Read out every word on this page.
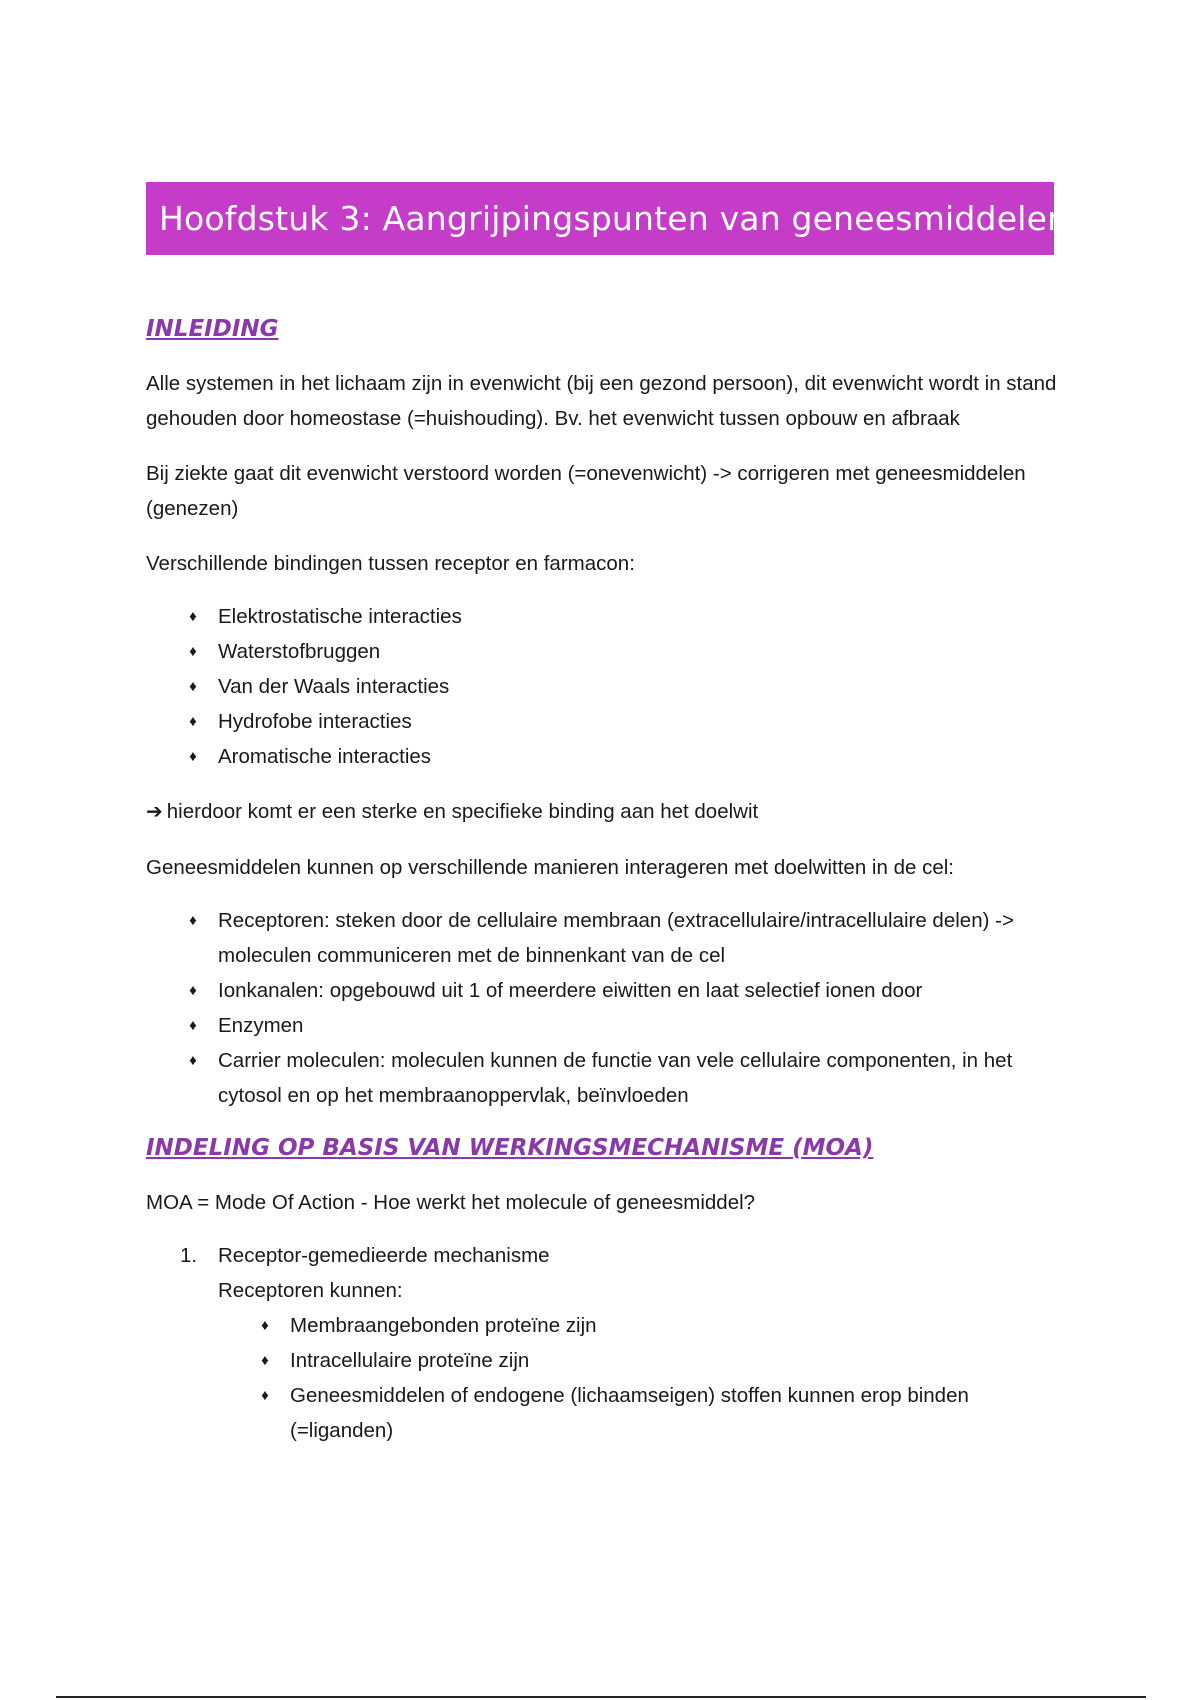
Hoofdstuk 3: Aangrijpingspunten van geneesmiddelen
INLEIDING

Alle systemen in het lichaam zijn in evenwicht (bij een gezond persoon), dit evenwicht wordt in stand gehouden door homeostase (=huishouding). Bv. het evenwicht tussen opbouw en afbraak

Bij ziekte gaat dit evenwicht verstoord worden (=onevenwicht) -> corrigeren met geneesmiddelen (genezen)

Verschillende bindingen tussen receptor en farmacon:

♦ Elektrostatische interacties
♦ Waterstofbruggen
♦ Van der Waals interacties
♦ Hydrofobe interacties
♦ Aromatische interacties

➔ hierdoor komt er een sterke en specifieke binding aan het doelwit

Geneesmiddelen kunnen op verschillende manieren interageren met doelwitten in de cel:

♦ Receptoren: steken door de cellulaire membraan (extracellulaire/intracellulaire delen) -> moleculen communiceren met de binnenkant van de cel
♦ Ionkanalen: opgebouwd uit 1 of meerdere eiwitten en laat selectief ionen door
♦ Enzymen
♦ Carrier moleculen: moleculen kunnen de functie van vele cellulaire componenten, in het cytosol en op het membraanoppervlak, beïnvloeden
INDELING OP BASIS VAN WERKINGSMECHANISME (MOA)

MOA = Mode Of Action - Hoe werkt het molecule of geneesmiddel?

1. Receptor-gemedieerde mechanisme
Receptoren kunnen:
♦ Membraangebonden proteïne zijn
♦ Intracellulaire proteïne zijn
♦ Geneesmiddelen of endogene (lichaamseigen) stoffen kunnen erop binden (=liganden)
